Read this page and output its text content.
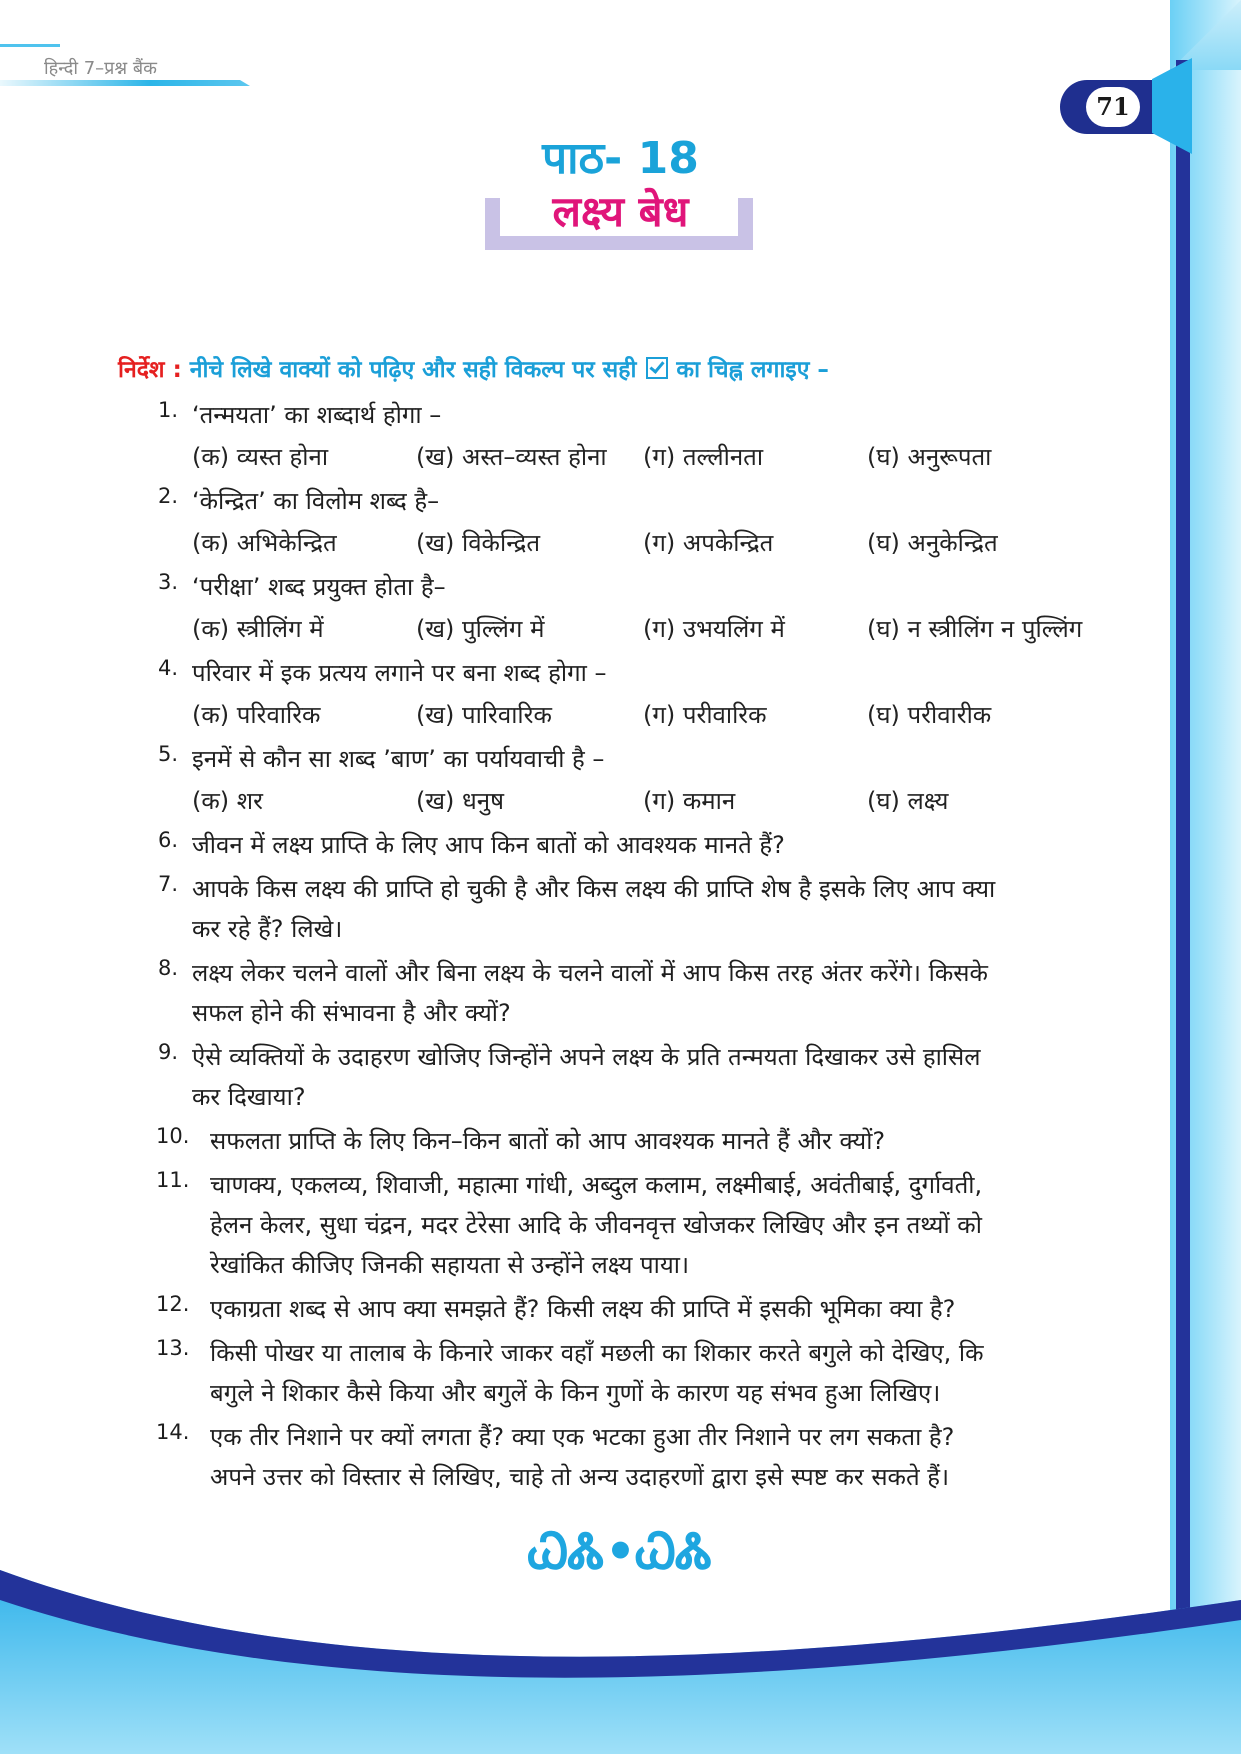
हिन्दी 7–प्रश्न बैंक
71
पाठ- 18
लक्ष्य बेध
निर्देश : नीचे लिखे वाक्यों को पढ़िए और सही विकल्प पर सही का चिह्न लगाइए –
1. ‘तन्मयता’ का शब्दार्थ होगा –
(क) व्यस्त होना	(ख) अस्त–व्यस्त होना (ग) तल्लीनता	(घ) अनुरूपता
2. ‘केन्द्रित’ का विलोम शब्द है–
(क) अभिकेन्द्रित	(ख) विकेन्द्रित	(ग) अपकेन्द्रित	(घ) अनुकेन्द्रित
3. ‘परीक्षा’ शब्द प्रयुक्त होता है–
(क) स्त्रीलिंग में	(ख) पुल्लिंग में	(ग) उभयलिंग में	(घ) न स्त्रीलिंग न पुल्लिंग
4. परिवार में इक प्रत्यय लगाने पर बना शब्द होगा –
(क) परिवारिक	(ख) पारिवारिक	(ग) परीवारिक	(घ) परीवारीक
5. इनमें से कौन सा शब्द ’बाण’ का पर्यायवाची है –
(क) शर	(ख) धनुष	(ग) कमान	(घ) लक्ष्य
6. जीवन में लक्ष्य प्राप्ति के लिए आप किन बातों को आवश्यक मानते हैं?
7. आपके किस लक्ष्य की प्राप्ति हो चुकी है और किस लक्ष्य की प्राप्ति शेष है इसके लिए आप क्या
कर रहे हैं? लिखे।
8. लक्ष्य लेकर चलने वालों और बिना लक्ष्य के चलने वालों में आप किस तरह अंतर करेंगे। किसके
सफल होने की संभावना है और क्यों?
9. ऐसे व्यक्तियों के उदाहरण खोजिए जिन्होंने अपने लक्ष्य के प्रति तन्मयता दिखाकर उसे हासिल
कर दिखाया?
10. सफलता प्राप्ति के लिए किन–किन बातों को आप आवश्यक मानते हैं और क्यों?
11. चाणक्य, एकलव्य, शिवाजी, महात्मा गांधी, अब्दुल कलाम, लक्ष्मीबाई, अवंतीबाई, दुर्गावती,
हेलन केलर, सुधा चंद्रन, मदर टेरेसा आदि के जीवनवृत्त खोजकर लिखिए और इन तथ्यों को
रेखांकित कीजिए जिनकी सहायता से उन्होंने लक्ष्य पाया।
12. एकाग्रता शब्द से आप क्या समझते हैं? किसी लक्ष्य की प्राप्ति में इसकी भूमिका क्या है?
13. किसी पोखर या तालाब के किनारे जाकर वहाँ मछली का शिकार करते बगुले को देखिए, कि
बगुले ने शिकार कैसे किया और बगुलें के किन गुणों के कारण यह संभव हुआ लिखिए।
14. एक तीर निशाने पर क्यों लगता हैं? क्या एक भटका हुआ तीर निशाने पर लग सकता है?
अपने उत्तर को विस्तार से लिखिए, चाहे तो अन्य उदाहरणों द्वारा इसे स्पष्ट कर सकते हैं।
ᏇᏜ•ᏇᏜ
